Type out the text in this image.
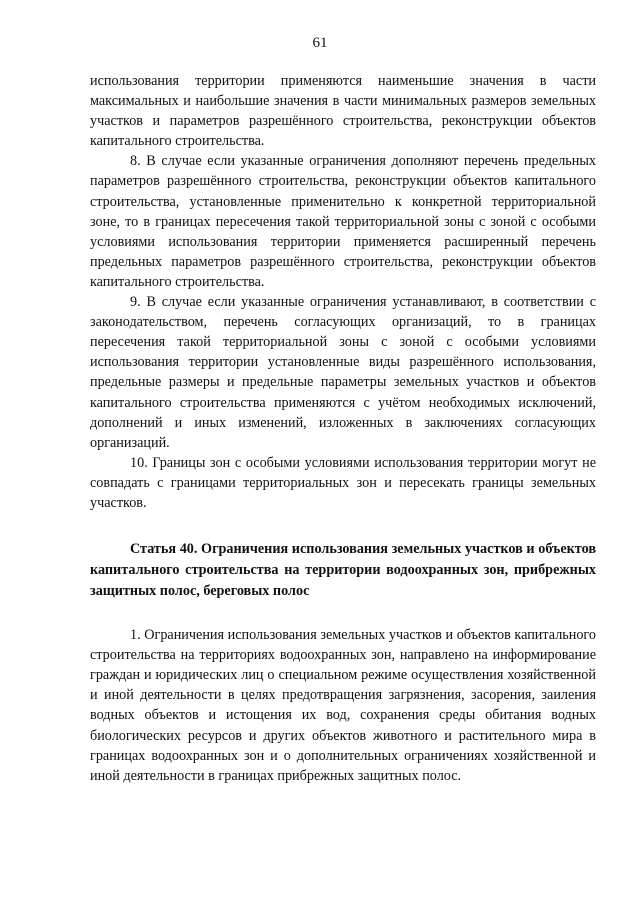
61

использования территории применяются наименьшие значения в части максимальных и наибольшие значения в части минимальных размеров земельных участков и параметров разрешённого строительства, реконструкции объектов капитального строительства.

8. В случае если указанные ограничения дополняют перечень предельных параметров разрешённого строительства, реконструкции объектов капитального строительства, установленные применительно к конкретной территориальной зоне, то в границах пересечения такой территориальной зоны с зоной с особыми условиями использования территории применяется расширенный перечень предельных параметров разрешённого строительства, реконструкции объектов капитального строительства.

9. В случае если указанные ограничения устанавливают, в соответствии с законодательством, перечень согласующих организаций, то в границах пересечения такой территориальной зоны с зоной с особыми условиями использования территории установленные виды разрешённого использования, предельные размеры и предельные параметры земельных участков и объектов капитального строительства применяются с учётом необходимых исключений, дополнений и иных изменений, изложенных в заключениях согласующих организаций.

10. Границы зон с особыми условиями использования территории могут не совпадать с границами территориальных зон и пересекать границы земельных участков.

Статья 40. Ограничения использования земельных участков и объектов капитального строительства на территории водоохранных зон, прибрежных защитных полос, береговых полос

1. Ограничения использования земельных участков и объектов капитального строительства на территориях водоохранных зон, направлено на информирование граждан и юридических лиц о специальном режиме осуществления хозяйственной и иной деятельности в целях предотвращения загрязнения, засорения, заиления водных объектов и истощения их вод, сохранения среды обитания водных биологических ресурсов и других объектов животного и растительного мира в границах водоохранных зон и о дополнительных ограничениях хозяйственной и иной деятельности в границах прибрежных защитных полос.
